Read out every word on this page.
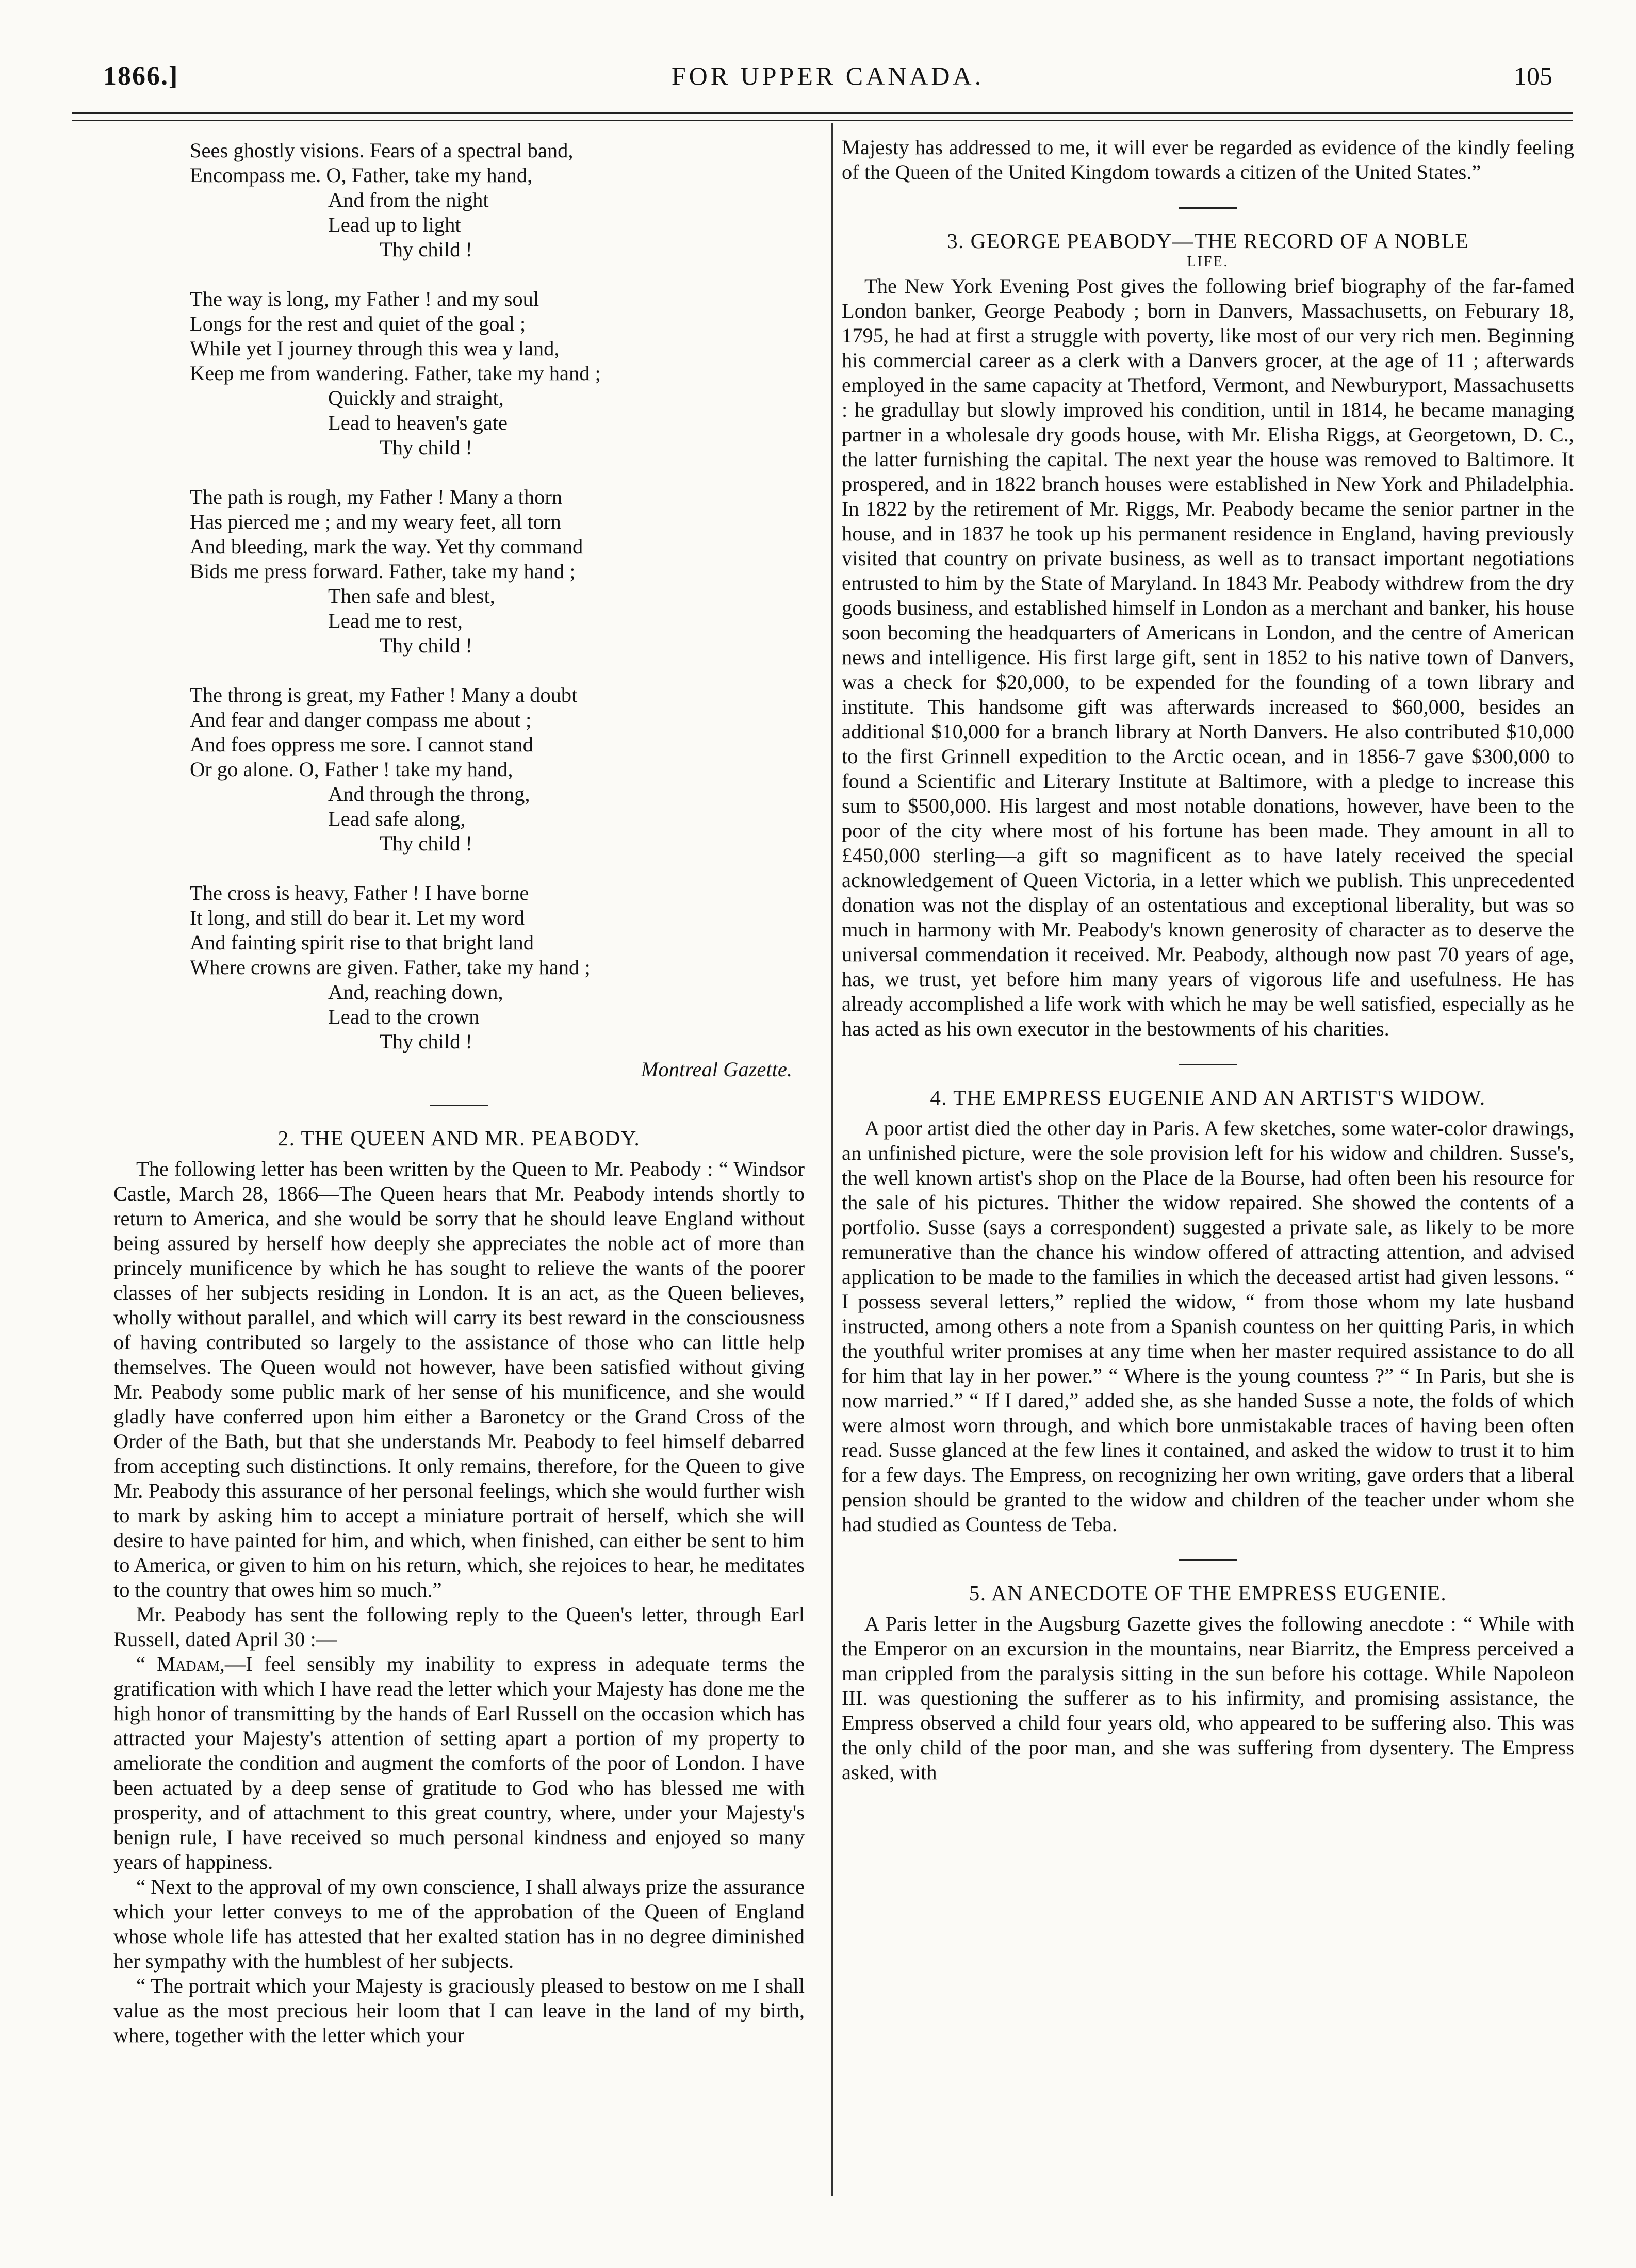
1866.]	FOR UPPER CANADA.	105
Sees ghostly visions. Fears of a spectral band,
Encompass me. O, Father, take my hand,
And from the night
Lead up to light
Thy child !
The way is long, my Father ! and my soul
Longs for the rest and quiet of the goal ;
While yet I journey through this wea y land,
Keep me from wandering. Father, take my hand ;
Quickly and straight,
Lead to heaven's gate
Thy child !
The path is rough, my Father ! Many a thorn
Has pierced me ; and my weary feet, all torn
And bleeding, mark the way. Yet thy command
Bids me press forward. Father, take my hand ;
Then safe and blest,
Lead me to rest,
Thy child !
The throng is great, my Father ! Many a doubt
And fear and danger compass me about ;
And foes oppress me sore. I cannot stand
Or go alone. O, Father ! take my hand,
And through the throng,
Lead safe along,
Thy child !
The cross is heavy, Father ! I have borne
It long, and still do bear it. Let my word
And fainting spirit rise to that bright land
Where crowns are given. Father, take my hand ;
And, reaching down,
Lead to the crown
Thy child !
Montreal Gazette.
2. THE QUEEN AND MR. PEABODY.

The following letter has been written by the Queen to Mr. Peabody : “ Windsor Castle, March 28, 1866—The Queen hears that Mr. Peabody intends shortly to return to America, and she would be sorry that he should leave England without being assured by herself how deeply she appreciates the noble act of more than princely munificence by which he has sought to relieve the wants of the poorer classes of her subjects residing in London. It is an act, as the Queen believes, wholly without parallel, and which will carry its best reward in the consciousness of having contributed so largely to the assistance of those who can little help themselves. The Queen would not however, have been satisfied without giving Mr. Peabody some public mark of her sense of his munificence, and she would gladly have conferred upon him either a Baronetcy or the Grand Cross of the Order of the Bath, but that she understands Mr. Peabody to feel himself debarred from accepting such distinctions. It only remains, therefore, for the Queen to give Mr. Peabody this assurance of her personal feelings, which she would further wish to mark by asking him to accept a miniature portrait of herself, which she will desire to have painted for him, and which, when finished, can either be sent to him to America, or given to him on his return, which, she rejoices to hear, he meditates to the country that owes him so much.”

Mr. Peabody has sent the following reply to the Queen's letter, through Earl Russell, dated April 30 :—

“ Madam,—I feel sensibly my inability to express in adequate terms the gratification with which I have read the letter which your Majesty has done me the high honor of transmitting by the hands of Earl Russell on the occasion which has attracted your Majesty's attention of setting apart a portion of my property to ameliorate the condition and augment the comforts of the poor of London. I have been actuated by a deep sense of gratitude to God who has blessed me with prosperity, and of attachment to this great country, where, under your Majesty's benign rule, I have received so much personal kindness and enjoyed so many years of happiness.

“ Next to the approval of my own conscience, I shall always prize the assurance which your letter conveys to me of the approbation of the Queen of England whose whole life has attested that her exalted station has in no degree diminished her sympathy with the humblest of her subjects.

“ The portrait which your Majesty is graciously pleased to bestow on me I shall value as the most precious heir loom that I can leave in the land of my birth, where, together with the letter which your

Majesty has addressed to me, it will ever be regarded as evidence of the kindly feeling of the Queen of the United Kingdom towards a citizen of the United States.”

3. GEORGE PEABODY—THE RECORD OF A NOBLE
LIFE.

The New York Evening Post gives the following brief biography of the far-famed London banker, George Peabody ; born in Danvers, Massachusetts, on Feburary 18, 1795, he had at first a struggle with poverty, like most of our very rich men. Beginning his commercial career as a clerk with a Danvers grocer, at the age of 11 ; afterwards employed in the same capacity at Thetford, Vermont, and Newburyport, Massachusetts : he gradullay but slowly improved his condition, until in 1814, he became managing partner in a wholesale dry goods house, with Mr. Elisha Riggs, at Georgetown, D. C., the latter furnishing the capital. The next year the house was removed to Baltimore. It prospered, and in 1822 branch houses were established in New York and Philadelphia. In 1822 by the retirement of Mr. Riggs, Mr. Peabody became the senior partner in the house, and in 1837 he took up his permanent residence in England, having previously visited that country on private business, as well as to transact important negotiations entrusted to him by the State of Maryland. In 1843 Mr. Peabody withdrew from the dry goods business, and established himself in London as a merchant and banker, his house soon becoming the headquarters of Americans in London, and the centre of American news and intelligence. His first large gift, sent in 1852 to his native town of Danvers, was a check for $20,000, to be expended for the founding of a town library and institute. This handsome gift was afterwards increased to $60,000, besides an additional $10,000 for a branch library at North Danvers. He also contributed $10,000 to the first Grinnell expedition to the Arctic ocean, and in 1856-7 gave $300,000 to found a Scientific and Literary Institute at Baltimore, with a pledge to increase this sum to $500,000. His largest and most notable donations, however, have been to the poor of the city where most of his fortune has been made. They amount in all to £450,000 sterling—a gift so magnificent as to have lately received the special acknowledgement of Queen Victoria, in a letter which we publish. This unprecedented donation was not the display of an ostentatious and exceptional liberality, but was so much in harmony with Mr. Peabody's known generosity of character as to deserve the universal commendation it received. Mr. Peabody, although now past 70 years of age, has, we trust, yet before him many years of vigorous life and usefulness. He has already accomplished a life work with which he may be well satisfied, especially as he has acted as his own executor in the bestowments of his charities.

4. THE EMPRESS EUGENIE AND AN ARTIST'S WIDOW.

A poor artist died the other day in Paris. A few sketches, some water-color drawings, an unfinished picture, were the sole provision left for his widow and children. Susse's, the well known artist's shop on the Place de la Bourse, had often been his resource for the sale of his pictures. Thither the widow repaired. She showed the contents of a portfolio. Susse (says a correspondent) suggested a private sale, as likely to be more remunerative than the chance his window offered of attracting attention, and advised application to be made to the families in which the deceased artist had given lessons. “ I possess several letters,” replied the widow, “ from those whom my late husband instructed, among others a note from a Spanish countess on her quitting Paris, in which the youthful writer promises at any time when her master required assistance to do all for him that lay in her power.” “ Where is the young countess ?” “ In Paris, but she is now married.” “ If I dared,” added she, as she handed Susse a note, the folds of which were almost worn through, and which bore unmistakable traces of having been often read. Susse glanced at the few lines it contained, and asked the widow to trust it to him for a few days. The Empress, on recognizing her own writing, gave orders that a liberal pension should be granted to the widow and children of the teacher under whom she had studied as Countess de Teba.

5. AN ANECDOTE OF THE EMPRESS EUGENIE.

A Paris letter in the Augsburg Gazette gives the following anecdote : “ While with the Emperor on an excursion in the mountains, near Biarritz, the Empress perceived a man crippled from the paralysis sitting in the sun before his cottage. While Napoleon III. was questioning the sufferer as to his infirmity, and promising assistance, the Empress observed a child four years old, who appeared to be suffering also. This was the only child of the poor man, and she was suffering from dysentery. The Empress asked, with
